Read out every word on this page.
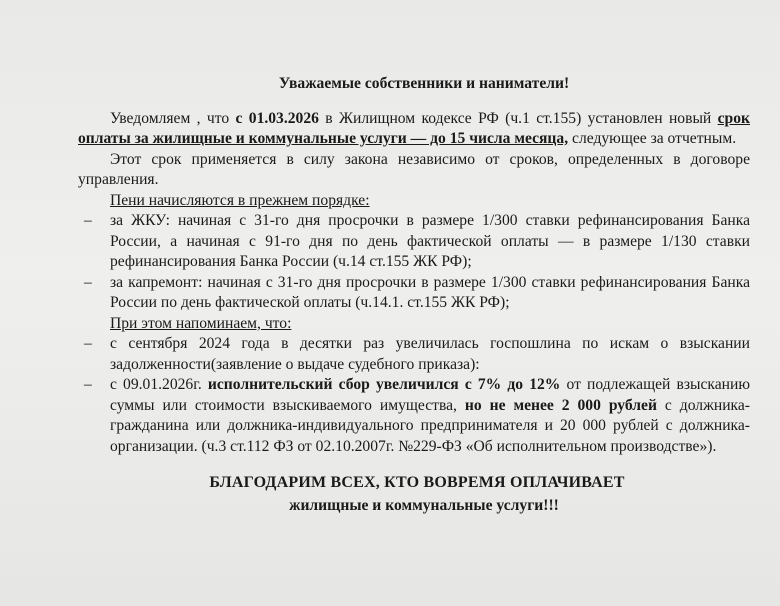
Уважаемые собственники и наниматели!

Уведомляем , что с 01.03.2026 в Жилищном кодексе РФ (ч.1 ст.155) установлен новый срок оплаты за жилищные и коммунальные услуги — до 15 числа месяца, следующее за отчетным.

Этот срок применяется в силу закона независимо от сроков, определенных в договоре управления.

Пени начисляются в прежнем порядке:

– за ЖКУ: начиная с 31-го дня просрочки в размере 1/300 ставки рефинансирования Банка России, а начиная с 91-го дня по день фактической оплаты — в размере 1/130 ставки рефинансирования Банка России (ч.14 ст.155 ЖК РФ);
– за капремонт: начиная с 31-го дня просрочки в размере 1/300 ставки рефинансирования Банка России по день фактической оплаты (ч.14.1. ст.155 ЖК РФ);

При этом напоминаем, что:

– с сентября 2024 года в десятки раз увеличилась госпошлина по искам о взыскании задолженности(заявление о выдаче судебного приказа):
– с 09.01.2026г. исполнительский сбор увеличился с 7% до 12% от подлежащей взысканию суммы или стоимости взыскиваемого имущества, но не менее 2 000 рублей с должника-гражданина или должника-индивидуального предпринимателя и 20 000 рублей с должника-организации. (ч.3 ст.112 ФЗ от 02.10.2007г. №229-ФЗ «Об исполнительном производстве»).
БЛАГОДАРИМ ВСЕХ, КТО ВОВРЕМЯ ОПЛАЧИВАЕТ
жилищные и коммунальные услуги!!!
